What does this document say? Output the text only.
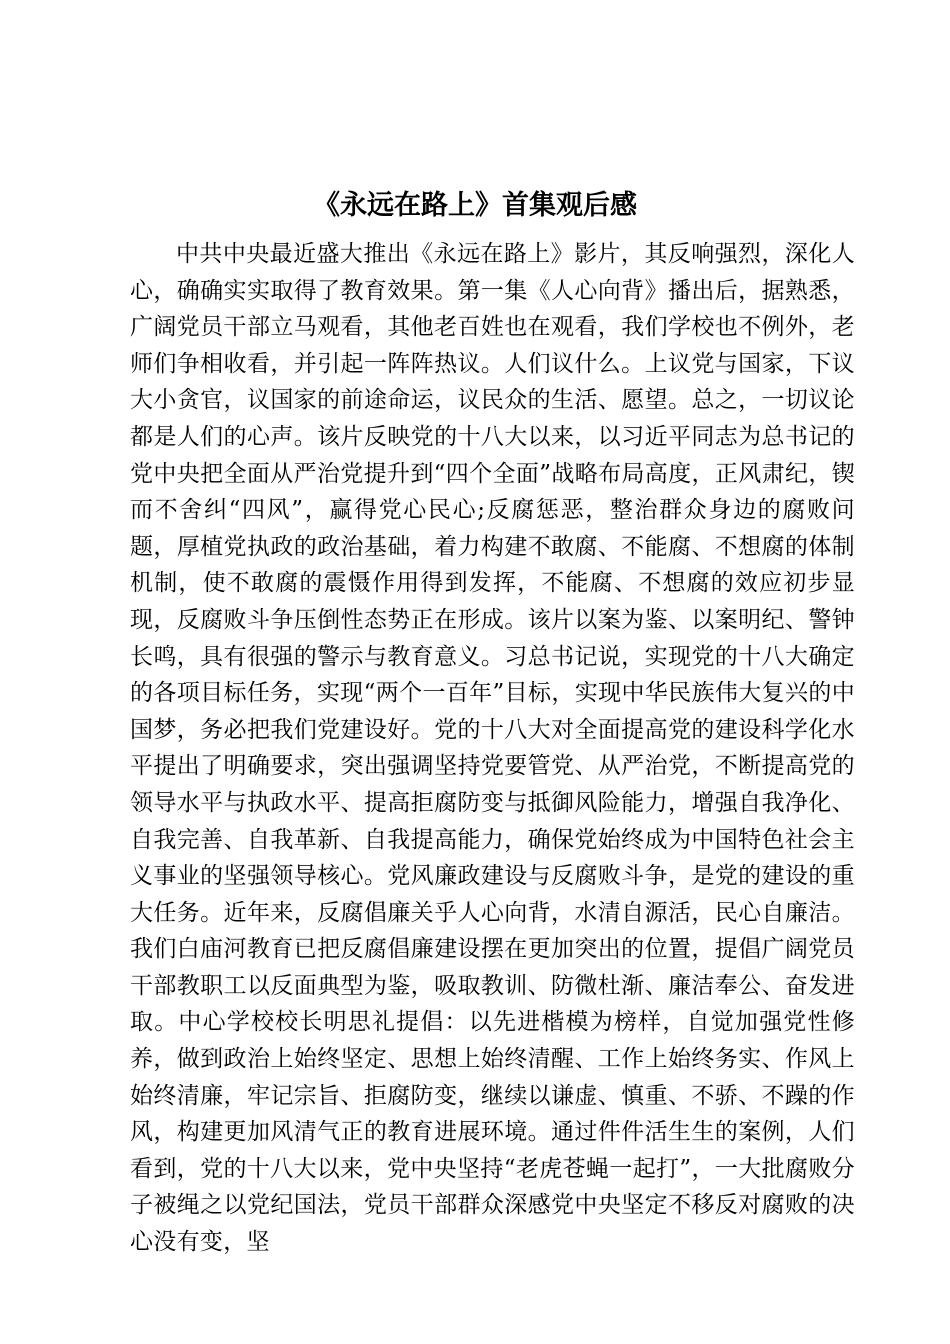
《永远在路上》首集观后感

中共中央最近盛大推出《永远在路上》影片，其反响强烈，深化人心，确确实实取得了教育效果。第一集《人心向背》播出后，据熟悉，广阔党员干部立马观看，其他老百姓也在观看，我们学校也不例外，老师们争相收看，并引起一阵阵热议。人们议什么。上议党与国家，下议大小贪官，议国家的前途命运，议民众的生活、愿望。总之，一切议论都是人们的心声。该片反映党的十八大以来，以习近平同志为总书记的党中央把全面从严治党提升到“四个全面”战略布局高度，正风肃纪，锲而不舍纠“四风”，赢得党心民心;反腐惩恶，整治群众身边的腐败问题，厚植党执政的政治基础，着力构建不敢腐、不能腐、不想腐的体制机制，使不敢腐的震慑作用得到发挥，不能腐、不想腐的效应初步显现，反腐败斗争压倒性态势正在形成。该片以案为鉴、以案明纪、警钟长鸣，具有很强的警示与教育意义。习总书记说，实现党的十八大确定的各项目标任务，实现“两个一百年”目标，实现中华民族伟大复兴的中国梦，务必把我们党建设好。党的十八大对全面提高党的建设科学化水平提出了明确要求，突出强调坚持党要管党、从严治党，不断提高党的领导水平与执政水平、提高拒腐防变与抵御风险能力，增强自我净化、自我完善、自我革新、自我提高能力，确保党始终成为中国特色社会主义事业的坚强领导核心。党风廉政建设与反腐败斗争，是党的建设的重大任务。近年来，反腐倡廉关乎人心向背，水清自源活，民心自廉洁。我们白庙河教育已把反腐倡廉建设摆在更加突出的位置，提倡广阔党员干部教职工以反面典型为鉴，吸取教训、防微杜渐、廉洁奉公、奋发进取。中心学校校长明思礼提倡：以先进楷模为榜样，自觉加强党性修养，做到政治上始终坚定、思想上始终清醒、工作上始终务实、作风上始终清廉，牢记宗旨、拒腐防变，继续以谦虚、慎重、不骄、不躁的作风，构建更加风清气正的教育进展环境。通过件件活生生的案例，人们看到，党的十八大以来，党中央坚持“老虎苍蝇一起打”，一大批腐败分子被绳之以党纪国法，党员干部群众深感党中央坚定不移反对腐败的决心没有变，坚
